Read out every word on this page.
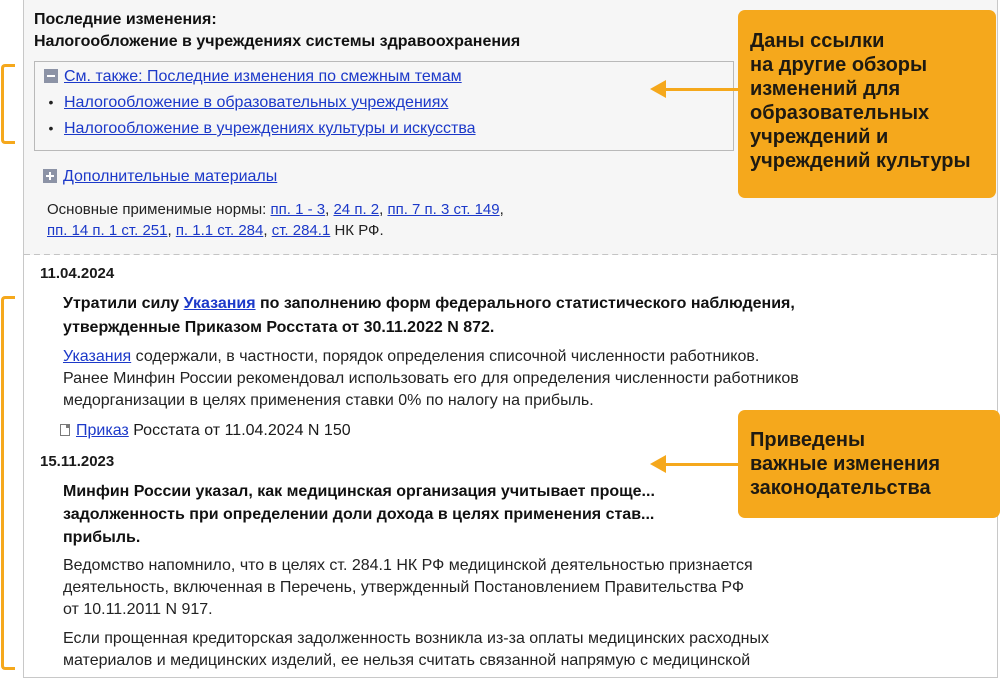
Последние изменения:
Налогообложение в учреждениях системы здравоохранения
См. также: Последние изменения по смежным темам
• Налогообложение в образовательных учреждениях
• Налогообложение в учреждениях культуры и искусства
Дополнительные материалы
Основные применимые нормы: пп. 1 - 3, 24 п. 2, пп. 7 п. 3 ст. 149,
пп. 14 п. 1 ст. 251, п. 1.1 ст. 284, ст. 284.1 НК РФ.
11.04.2024
Утратили силу Указания по заполнению форм федерального статистического наблюдения,
утвержденные Приказом Росстата от 30.11.2022 N 872.
Указания содержали, в частности, порядок определения списочной численности работников.
Ранее Минфин России рекомендовал использовать его для определения численности работников
медорганизации в целях применения ставки 0% по налогу на прибыль.
Приказ Росстата от 11.04.2024 N 150
15.11.2023
Минфин России указал, как медицинская организация учитывает проще...
задолженность при определении доли дохода в целях применения став...
прибыль.
Ведомство напомнило, что в целях ст. 284.1 НК РФ медицинской деятельностью признается
деятельность, включенная в Перечень, утвержденный Постановлением Правительства РФ
от 10.11.2011 N 917.
Если прощенная кредиторская задолженность возникла из-за оплаты медицинских расходных
материалов и медицинских изделий, ее нельзя считать связанной напрямую с медицинской
Даны ссылки
на другие обзоры
изменений для
образовательных
учреждений и
учреждений культуры
Приведены
важные изменения
законодательства
